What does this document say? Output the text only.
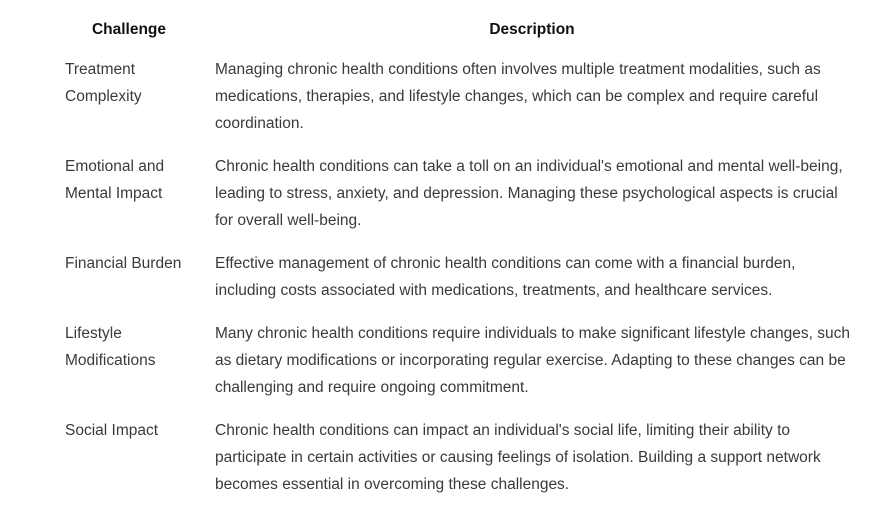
Challenge	Description
Treatment Complexity	Managing chronic health conditions often involves multiple treatment modalities, such as medications, therapies, and lifestyle changes, which can be complex and require careful coordination.
Emotional and Mental Impact	Chronic health conditions can take a toll on an individual's emotional and mental well-being, leading to stress, anxiety, and depression. Managing these psychological aspects is crucial for overall well-being.
Financial Burden	Effective management of chronic health conditions can come with a financial burden, including costs associated with medications, treatments, and healthcare services.
Lifestyle Modifications	Many chronic health conditions require individuals to make significant lifestyle changes, such as dietary modifications or incorporating regular exercise. Adapting to these changes can be challenging and require ongoing commitment.
Social Impact	Chronic health conditions can impact an individual's social life, limiting their ability to participate in certain activities or causing feelings of isolation. Building a support network becomes essential in overcoming these challenges.
